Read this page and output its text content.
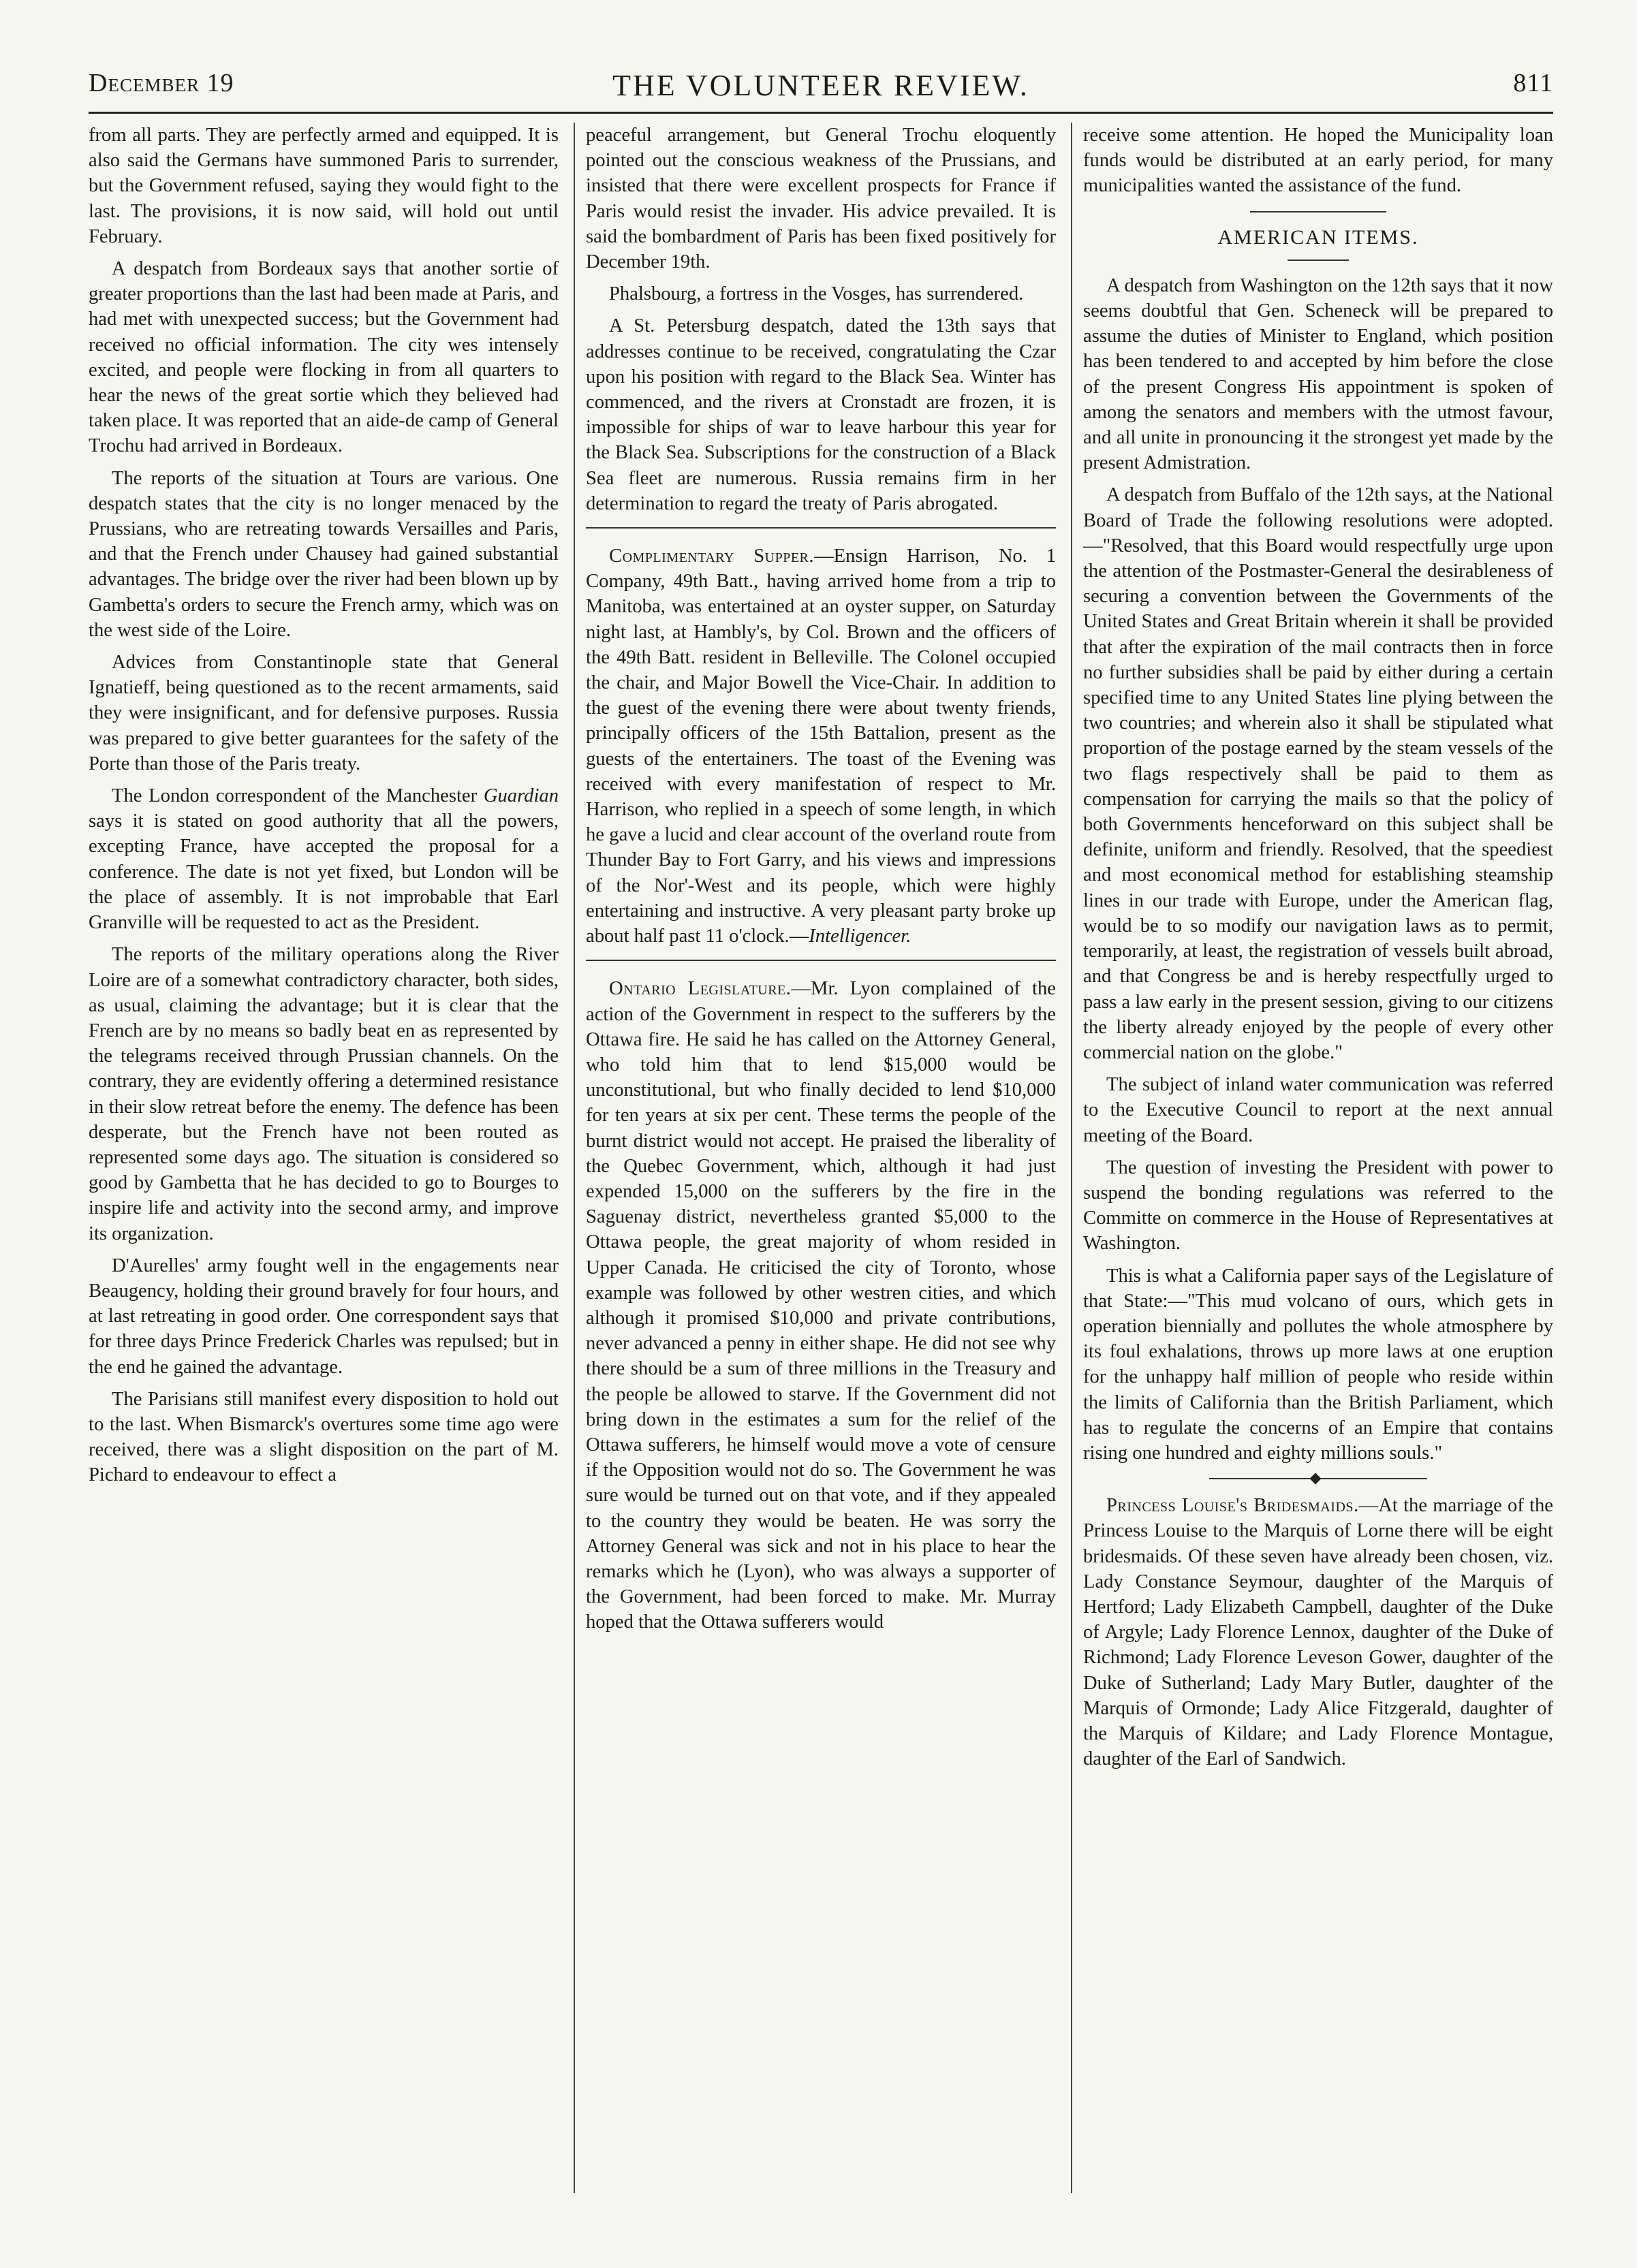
December 19	THE VOLUNTEER REVIEW.	811

from all parts. They are perfectly armed and equipped. It is also said the Germans have summoned Paris to surrender, but the Government refused, saying they would fight to the last. The provisions, it is now said, will hold out until February.

A despatch from Bordeaux says that another sortie of greater proportions than the last had been made at Paris, and had met with unexpected success; but the Government had received no official information. The city wes intensely excited, and people were flocking in from all quarters to hear the news of the great sortie which they believed had taken place. It was reported that an aide-de camp of General Trochu had arrived in Bordeaux.

The reports of the situation at Tours are various. One despatch states that the city is no longer menaced by the Prussians, who are retreating towards Versailles and Paris, and that the French under Chausey had gained substantial advantages. The bridge over the river had been blown up by Gambetta's orders to secure the French army, which was on the west side of the Loire.

Advices from Constantinople state that General Ignatieff, being questioned as to the recent armaments, said they were insignificant, and for defensive purposes. Russia was prepared to give better guarantees for the safety of the Porte than those of the Paris treaty.

The London correspondent of the Manchester Guardian says it is stated on good authority that all the powers, excepting France, have accepted the proposal for a conference. The date is not yet fixed, but London will be the place of assembly. It is not improbable that Earl Granville will be requested to act as the President.

The reports of the military operations along the River Loire are of a somewhat contradictory character, both sides, as usual, claiming the advantage; but it is clear that the French are by no means so badly beat en as represented by the telegrams received through Prussian channels. On the contrary, they are evidently offering a determined resistance in their slow retreat before the enemy. The defence has been desperate, but the French have not been routed as represented some days ago. The situation is considered so good by Gambetta that he has decided to go to Bourges to inspire life and activity into the second army, and improve its organization.

D'Aurelles' army fought well in the engagements near Beaugency, holding their ground bravely for four hours, and at last retreating in good order. One correspondent says that for three days Prince Frederick Charles was repulsed; but in the end he gained the advantage.

The Parisians still manifest every disposition to hold out to the last. When Bismarck's overtures some time ago were received, there was a slight disposition on the part of M. Pichard to endeavour to effect a

peaceful arrangement, but General Trochu eloquently pointed out the conscious weakness of the Prussians, and insisted that there were excellent prospects for France if Paris would resist the invader. His advice prevailed. It is said the bombardment of Paris has been fixed positively for December 19th.

Phalsbourg, a fortress in the Vosges, has surrendered.

A St. Petersburg despatch, dated the 13th says that addresses continue to be received, congratulating the Czar upon his position with regard to the Black Sea. Winter has commenced, and the rivers at Cronstadt are frozen, it is impossible for ships of war to leave harbour this year for the Black Sea. Subscriptions for the construction of a Black Sea fleet are numerous. Russia remains firm in her determination to regard the treaty of Paris abrogated.

Complimentary Supper.—Ensign Harrison, No. 1 Company, 49th Batt., having arrived home from a trip to Manitoba, was entertained at an oyster supper, on Saturday night last, at Hambly's, by Col. Brown and the officers of the 49th Batt. resident in Belleville. The Colonel occupied the chair, and Major Bowell the Vice-Chair. In addition to the guest of the evening there were about twenty friends, principally officers of the 15th Battalion, present as the guests of the entertainers. The toast of the Evening was received with every manifestation of respect to Mr. Harrison, who replied in a speech of some length, in which he gave a lucid and clear account of the overland route from Thunder Bay to Fort Garry, and his views and impressions of the Nor'-West and its people, which were highly entertaining and instructive. A very pleasant party broke up about half past 11 o'clock.—Intelligencer.

Ontario Legislature.—Mr. Lyon complained of the action of the Government in respect to the sufferers by the Ottawa fire. He said he has called on the Attorney General, who told him that to lend $15,000 would be unconstitutional, but who finally decided to lend $10,000 for ten years at six per cent. These terms the people of the burnt district would not accept. He praised the liberality of the Quebec Government, which, although it had just expended 15,000 on the sufferers by the fire in the Saguenay district, nevertheless granted $5,000 to the Ottawa people, the great majority of whom resided in Upper Canada. He criticised the city of Toronto, whose example was followed by other westren cities, and which although it promised $10,000 and private contributions, never advanced a penny in either shape. He did not see why there should be a sum of three millions in the Treasury and the people be allowed to starve. If the Government did not bring down in the estimates a sum for the relief of the Ottawa sufferers, he himself would move a vote of censure if the Opposition would not do so. The Government he was sure would be turned out on that vote, and if they appealed to the country they would be beaten. He was sorry the Attorney General was sick and not in his place to hear the remarks which he (Lyon), who was always a supporter of the Government, had been forced to make. Mr. Murray hoped that the Ottawa sufferers would

receive some attention. He hoped the Municipality loan funds would be distributed at an early period, for many municipalities wanted the assistance of the fund.

AMERICAN ITEMS.

A despatch from Washington on the 12th says that it now seems doubtful that Gen. Scheneck will be prepared to assume the duties of Minister to England, which position has been tendered to and accepted by him before the close of the present Congress His appointment is spoken of among the senators and members with the utmost favour, and all unite in pronouncing it the strongest yet made by the present Admistration.

A despatch from Buffalo of the 12th says, at the National Board of Trade the following resolutions were adopted.—"Resolved, that this Board would respectfully urge upon the attention of the Postmaster-General the desirableness of securing a convention between the Governments of the United States and Great Britain wherein it shall be provided that after the expiration of the mail contracts then in force no further subsidies shall be paid by either during a certain specified time to any United States line plying between the two countries; and wherein also it shall be stipulated what proportion of the postage earned by the steam vessels of the two flags respectively shall be paid to them as compensation for carrying the mails so that the policy of both Governments henceforward on this subject shall be definite, uniform and friendly. Resolved, that the speediest and most economical method for establishing steamship lines in our trade with Europe, under the American flag, would be to so modify our navigation laws as to permit, temporarily, at least, the registration of vessels built abroad, and that Congress be and is hereby respectfully urged to pass a law early in the present session, giving to our citizens the liberty already enjoyed by the people of every other commercial nation on the globe."

The subject of inland water communication was referred to the Executive Council to report at the next annual meeting of the Board.

The question of investing the President with power to suspend the bonding regulations was referred to the Committe on commerce in the House of Representatives at Washington.

This is what a California paper says of the Legislature of that State:—"This mud volcano of ours, which gets in operation biennially and pollutes the whole atmosphere by its foul exhalations, throws up more laws at one eruption for the unhappy half million of people who reside within the limits of California than the British Parliament, which has to regulate the concerns of an Empire that contains rising one hundred and eighty millions souls."

Princess Louise's Bridesmaids.—At the marriage of the Princess Louise to the Marquis of Lorne there will be eight bridesmaids. Of these seven have already been chosen, viz. Lady Constance Seymour, daughter of the Marquis of Hertford; Lady Elizabeth Campbell, daughter of the Duke of Argyle; Lady Florence Lennox, daughter of the Duke of Richmond; Lady Florence Leveson Gower, daughter of the Duke of Sutherland; Lady Mary Butler, daughter of the Marquis of Ormonde; Lady Alice Fitzgerald, daughter of the Marquis of Kildare; and Lady Florence Montague, daughter of the Earl of Sandwich.
